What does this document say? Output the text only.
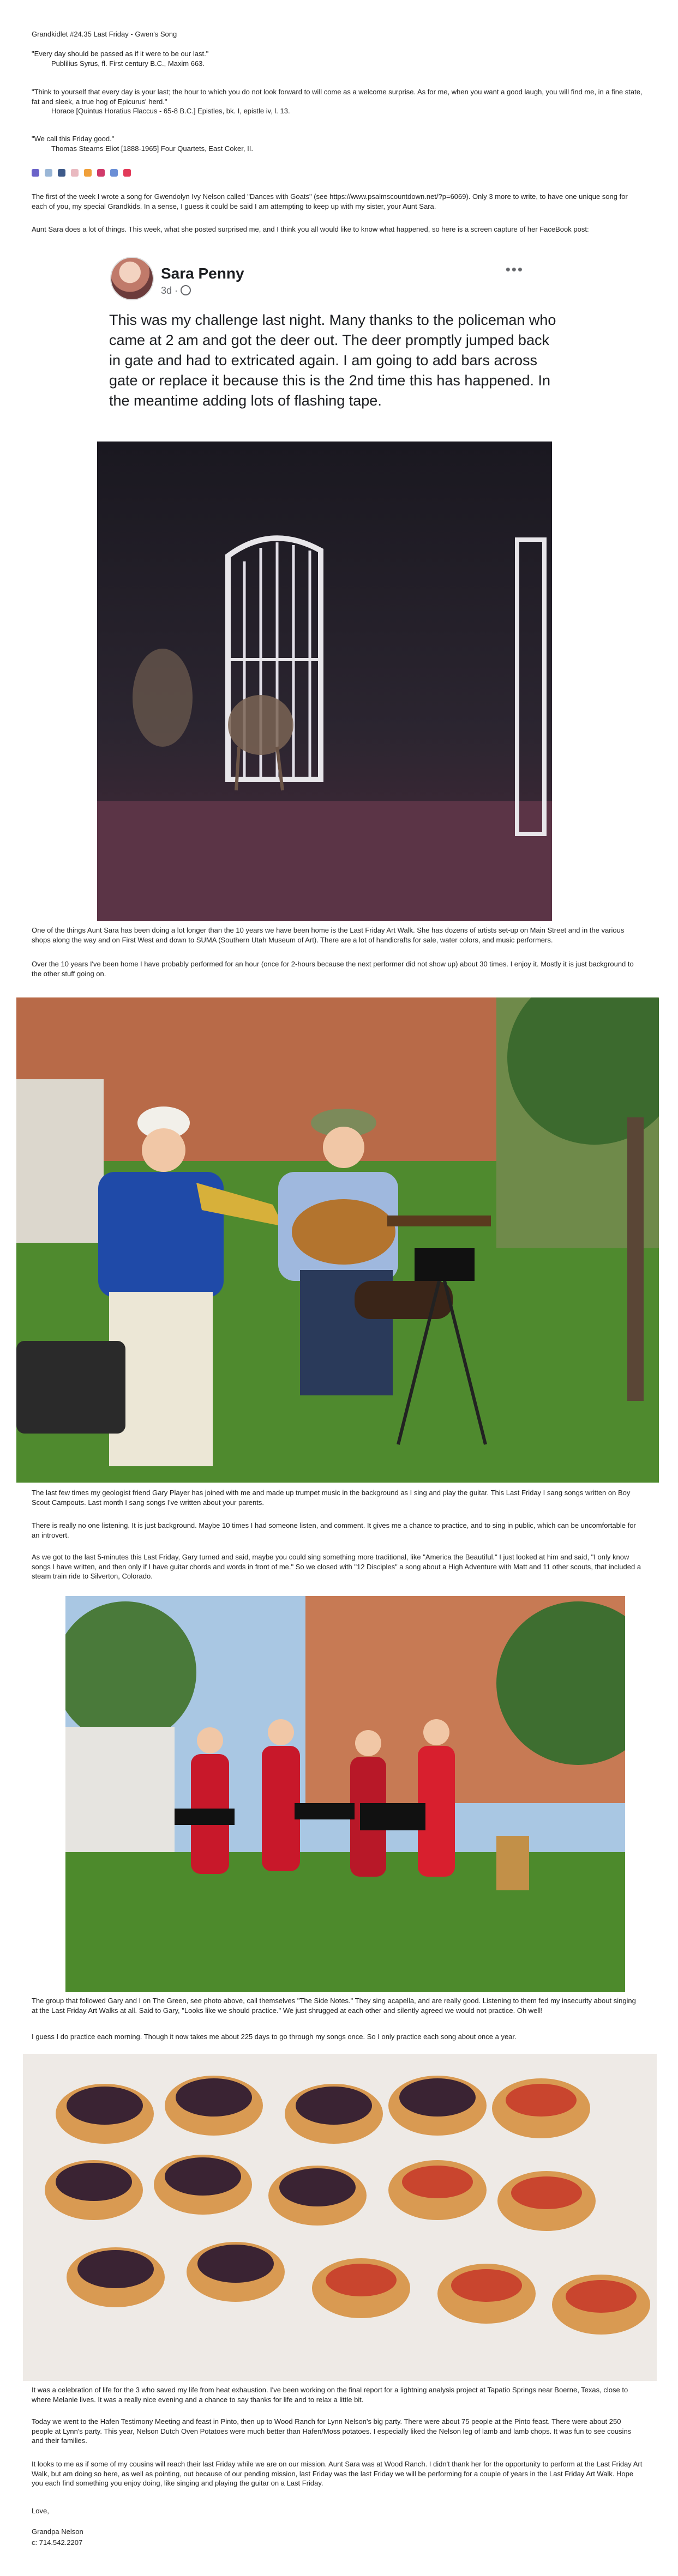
Grandkidlet #24.35 Last Friday - Gwen's Song

"Every day should be passed as if it were to be our last."

Publilius Syrus, fl. First century B.C., Maxim 663.

"Think to yourself that every day is your last; the hour to which you do not look forward to will come as a welcome surprise. As for me, when you want a good laugh, you will find me, in a fine state, fat and sleek, a true hog of Epicurus' herd."

Horace [Quintus Horatius Flaccus - 65-8 B.C.] Epistles, bk. I, epistle iv, l. 13.

"We call this Friday good."

Thomas Stearns Eliot [1888-1965] Four Quartets, East Coker, II.

The first of the week I wrote a song for Gwendolyn Ivy Nelson called "Dances with Goats" (see https://www.psalmscountdown.net/?p=6069). Only 3 more to write, to have one unique song for each of you, my special Grandkids. In a sense, I guess it could be said I am attempting to keep up with my sister, your Aunt Sara.

Aunt Sara does a lot of things. This week, what she posted surprised me, and I think you all would like to know what happened, so here is a screen capture of her FaceBook post:

Sara Penny
3d ·
•••

This was my challenge last night. Many thanks to the policeman who came at 2 am and got the deer out. The deer promptly jumped back in gate and had to extricated again. I am going to add bars across gate or replace it because this is the 2nd time this has happened. In the meantime adding lots of flashing tape.

One of the things Aunt Sara has been doing a lot longer than the 10 years we have been home is the Last Friday Art Walk. She has dozens of artists set-up on Main Street and in the various shops along the way and on First West and down to SUMA (Southern Utah Museum of Art). There are a lot of handicrafts for sale, water colors, and music performers.

Over the 10 years I've been home I have probably performed for an hour (once for 2-hours because the next performer did not show up) about 30 times. I enjoy it. Mostly it is just background to the other stuff going on.

The last few times my geologist friend Gary Player has joined with me and made up trumpet music in the background as I sing and play the guitar. This Last Friday I sang songs written on Boy Scout Campouts. Last month I sang songs I've written about your parents.

There is really no one listening. It is just background. Maybe 10 times I had someone listen, and comment. It gives me a chance to practice, and to sing in public, which can be uncomfortable for an introvert.

As we got to the last 5-minutes this Last Friday, Gary turned and said, maybe you could sing something more traditional, like "America the Beautiful." I just looked at him and said, "I only know songs I have written, and then only if I have guitar chords and words in front of me." So we closed with "12 Disciples" a song about a High Adventure with Matt and 11 other scouts, that included a steam train ride to Silverton, Colorado.

The group that followed Gary and I on The Green, see photo above, call themselves "The Side Notes." They sing acapella, and are really good. Listening to them fed my insecurity about singing at the Last Friday Art Walks at all. Said to Gary, "Looks like we should practice." We just shrugged at each other and silently agreed we would not practice. Oh well!

I guess I do practice each morning. Though it now takes me about 225 days to go through my songs once. So I only practice each song about once a year.

It was a celebration of life for the 3 who saved my life from heat exhaustion. I've been working on the final report for a lightning analysis project at Tapatio Springs near Boerne, Texas, close to where Melanie lives. It was a really nice evening and a chance to say thanks for life and to relax a little bit.

Today we went to the Hafen Testimony Meeting and feast in Pinto, then up to Wood Ranch for Lynn Nelson's big party. There were about 75 people at the Pinto feast. There were about 250 people at Lynn's party. This year, Nelson Dutch Oven Potatoes were much better than Hafen/Moss potatoes. I especially liked the Nelson leg of lamb and lamb chops. It was fun to see cousins and their families.

It looks to me as if some of my cousins will reach their last Friday while we are on our mission. Aunt Sara was at Wood Ranch. I didn't thank her for the opportunity to perform at the Last Friday Art Walk, but am doing so here, as well as pointing, out because of our pending mission, last Friday was the last Friday we will be performing for a couple of years in the Last Friday Art Walk. Hope you each find something you enjoy doing, like singing and playing the guitar on a Last Friday.

Love,

Grandpa Nelson

c: 714.542.2207
